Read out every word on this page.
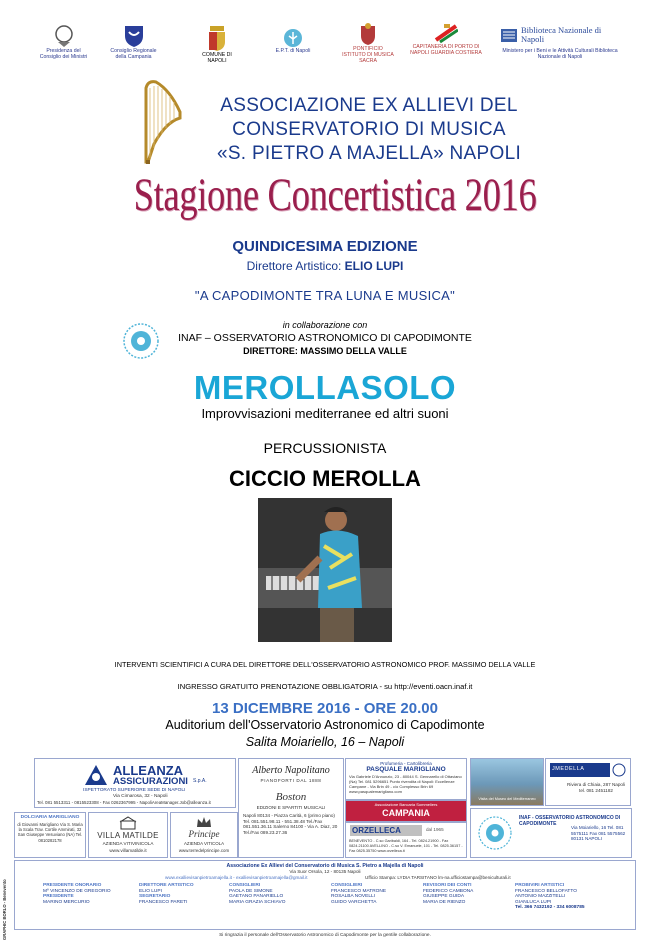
Presidenza del Consiglio dei Ministri
Consiglio Regionale della Campania	COMUNE DI NAPOLI
E.P.T. di Napoli	PONTIFICIO ISTITUTO DI MUSICA SACRA
CAPITANERIA DI PORTO DI NAPOLI GUARDIA COSTIERA
Biblioteca Nazionale di Napoli
Ministero per i Beni e le Attività Culturali Biblioteca Nazionale di Napoli
ASSOCIAZIONE EX ALLIEVI DEL
CONSERVATORIO DI MUSICA
«S. PIETRO A MAJELLA» NAPOLI
Stagione Concertistica 2016
QUINDICESIMA EDIZIONE
Direttore Artistico: ELIO LUPI
"A CAPODIMONTE TRA LUNA E MUSICA"
in collaborazione con
INAF – OSSERVATORIO ASTRONOMICO DI CAPODIMONTE
DIRETTORE: MASSIMO DELLA VALLE
MEROLLASOLO
Improvvisazioni mediterranee ed altri suoni
PERCUSSIONISTA
CICCIO MEROLLA
INTERVENTI SCIENTIFICI A CURA DEL DIRETTORE DELL'OSSERVATORIO ASTRONOMICO PROF. MASSIMO DELLA VALLE
INGRESSO GRATUITO PRENOTAZIONE OBBLIGATORIA - su http://eventi.oacn.inaf.it
13 DICEMBRE 2016 - ORE 20.00
Auditorium dell'Osservatorio Astronomico di Capodimonte
Salita Moiariello, 16 – Napoli
ALLEANZA
ASSICURAZIONI S.p.A.
ISPETTORATO SUPERIORE SEDE DI NAPOLI
Via Cimarosa, 32 - Napoli
Tel. 081 5513311 - 0815523308 - Fax 0262367995 - NapoliAreaManager.Job@alleanza.it
Alberto Napolitano
PIANOFORTI DAL 1888
Boston
EDIZIONI E SPARTITI MUSICALI
Napoli 80134 - Piazza Carità, 6 (primo piano) Tel. 081.551.98.11 - 551.38.48 Tel./Fax 081.551.36.11 Salerno 84100 - Via A. Diaz, 20 Tel./Fax 089.23.27.36
Profumeria - Cartolibreria
PASQUALE MARIGLIANO
Via Gabriele D'Annunzio, 23 - 80044 S. Gennarello di Ottaviano (Na) Tel. 081 5296651 Punto rivendita di Napoli: Eccellenze Campane - Via Brin 49 - c/o Complesso Brin 69 www.pasqualemarigliano.com
Visita del Museo del Mediterraneo
JMEDELLA
Riviera di Chiaia, 287 Napoli tel. 081 2451182
Associazione Bancaria Sommeliers
CAMPANIA
ORZELLECA	dal 1965
BENEVENTO - C.so Garibaldi, 164 - Tel. 0824.21900 - Fax 0824.21100 AVELLINO - C.so V. Emanuele, 101 - Tel. 0825.36157 - Fax 0825.35750 www.orzelleca.it
DOLCIARIA MARIGLIANO
di Giovanni Marigliano Via S. Maria la Scala Trav. Cortile Ammirati, 32 San Giuseppe Vesuviano (NA) Tel. 0810282178
VILLA MATILDE
AZIENDA VITIVINICOLA
www.villamatilde.it
Principe
AZIENDA VITICOLA
www.terredelprincipe.com
INAF - OSSERVATORIO ASTRONOMICO DI CAPODIMONTE
Via Moiariello, 16 Tel. 081 5575111 Fax 081 5575562 80131 NAPOLI
Associazione Ex Allievi del Conservatorio di Musica S. Pietro a Majella di Napoli
Via Suor Orsola, 12 - 80135 Napoli
www.exallievisanpietroamajella.it - exallievisanpietroamajella@gmail.it	Ufficio Stampa: LYDIA TARSITANO lm-na.ufficiostampa@beniculturali.it
PRESIDENTE ONORARIO
Mº VINCENZO DE GREGORIO
PRESIDENTE
MARINO MERCURIO
DIRETTORE ARTISTICO
ELIO LUPI
SEGRETARIO
FRANCESCO PARETI
CONSIGLIERI
PAOLA DE SIMONE
GAETANO PANARIELLO
MARIA GRAZIA SCHIAVO
CONSIGLIERI
FRANCESCO MATRONE
ROSALBA NOVELLI
GUIDO VARCHETTA
REVISORI DEI CONTI
FEDERICO CAMBONA
GIUSEPPE GUIDA
MARIA DE RIENZO
PROBIVIRI ARTISTICI
FRANCESCO BELLOFATTO
ANTONIO MAZZITELLI
GIANLUCA LUPI
Tel. 366 7432192 - 334 6008785
Si ringrazia il personale dell'Osservatorio Astronomico di Capodimonte per la gentile collaborazione.
GRAPHIC BORLO - Benevento
